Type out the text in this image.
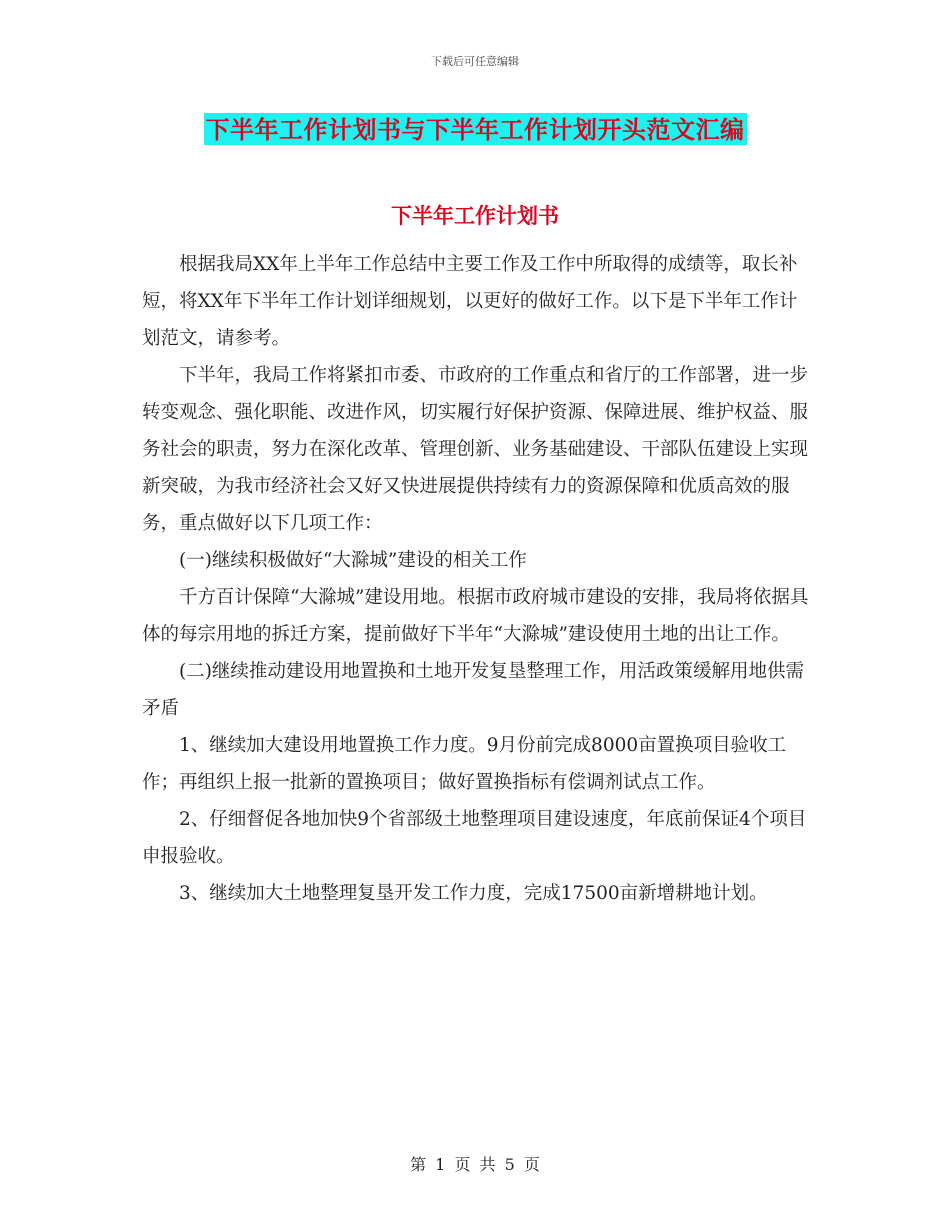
下载后可任意编辑
下半年工作计划书与下半年工作计划开头范文汇编
下半年工作计划书

根据我局XX年上半年工作总结中主要工作及工作中所取得的成绩等，取长补短，将XX年下半年工作计划详细规划，以更好的做好工作。以下是下半年工作计划范文，请参考。

下半年，我局工作将紧扣市委、市政府的工作重点和省厅的工作部署，进一步转变观念、强化职能、改进作风，切实履行好保护资源、保障进展、维护权益、服务社会的职责，努力在深化改革、管理创新、业务基础建设、干部队伍建设上实现新突破，为我市经济社会又好又快进展提供持续有力的资源保障和优质高效的服务，重点做好以下几项工作：

(一)继续积极做好“大滁城”建设的相关工作

千方百计保障“大滁城”建设用地。根据市政府城市建设的安排，我局将依据具体的每宗用地的拆迁方案，提前做好下半年“大滁城”建设使用土地的出让工作。

(二)继续推动建设用地置换和土地开发复垦整理工作，用活政策缓解用地供需矛盾

1、继续加大建设用地置换工作力度。9月份前完成8000亩置换项目验收工作；再组织上报一批新的置换项目；做好置换指标有偿调剂试点工作。

2、仔细督促各地加快9个省部级土地整理项目建设速度，年底前保证4个项目申报验收。

3、继续加大土地整理复垦开发工作力度，完成17500亩新增耕地计划。

第 1 页 共 5 页
